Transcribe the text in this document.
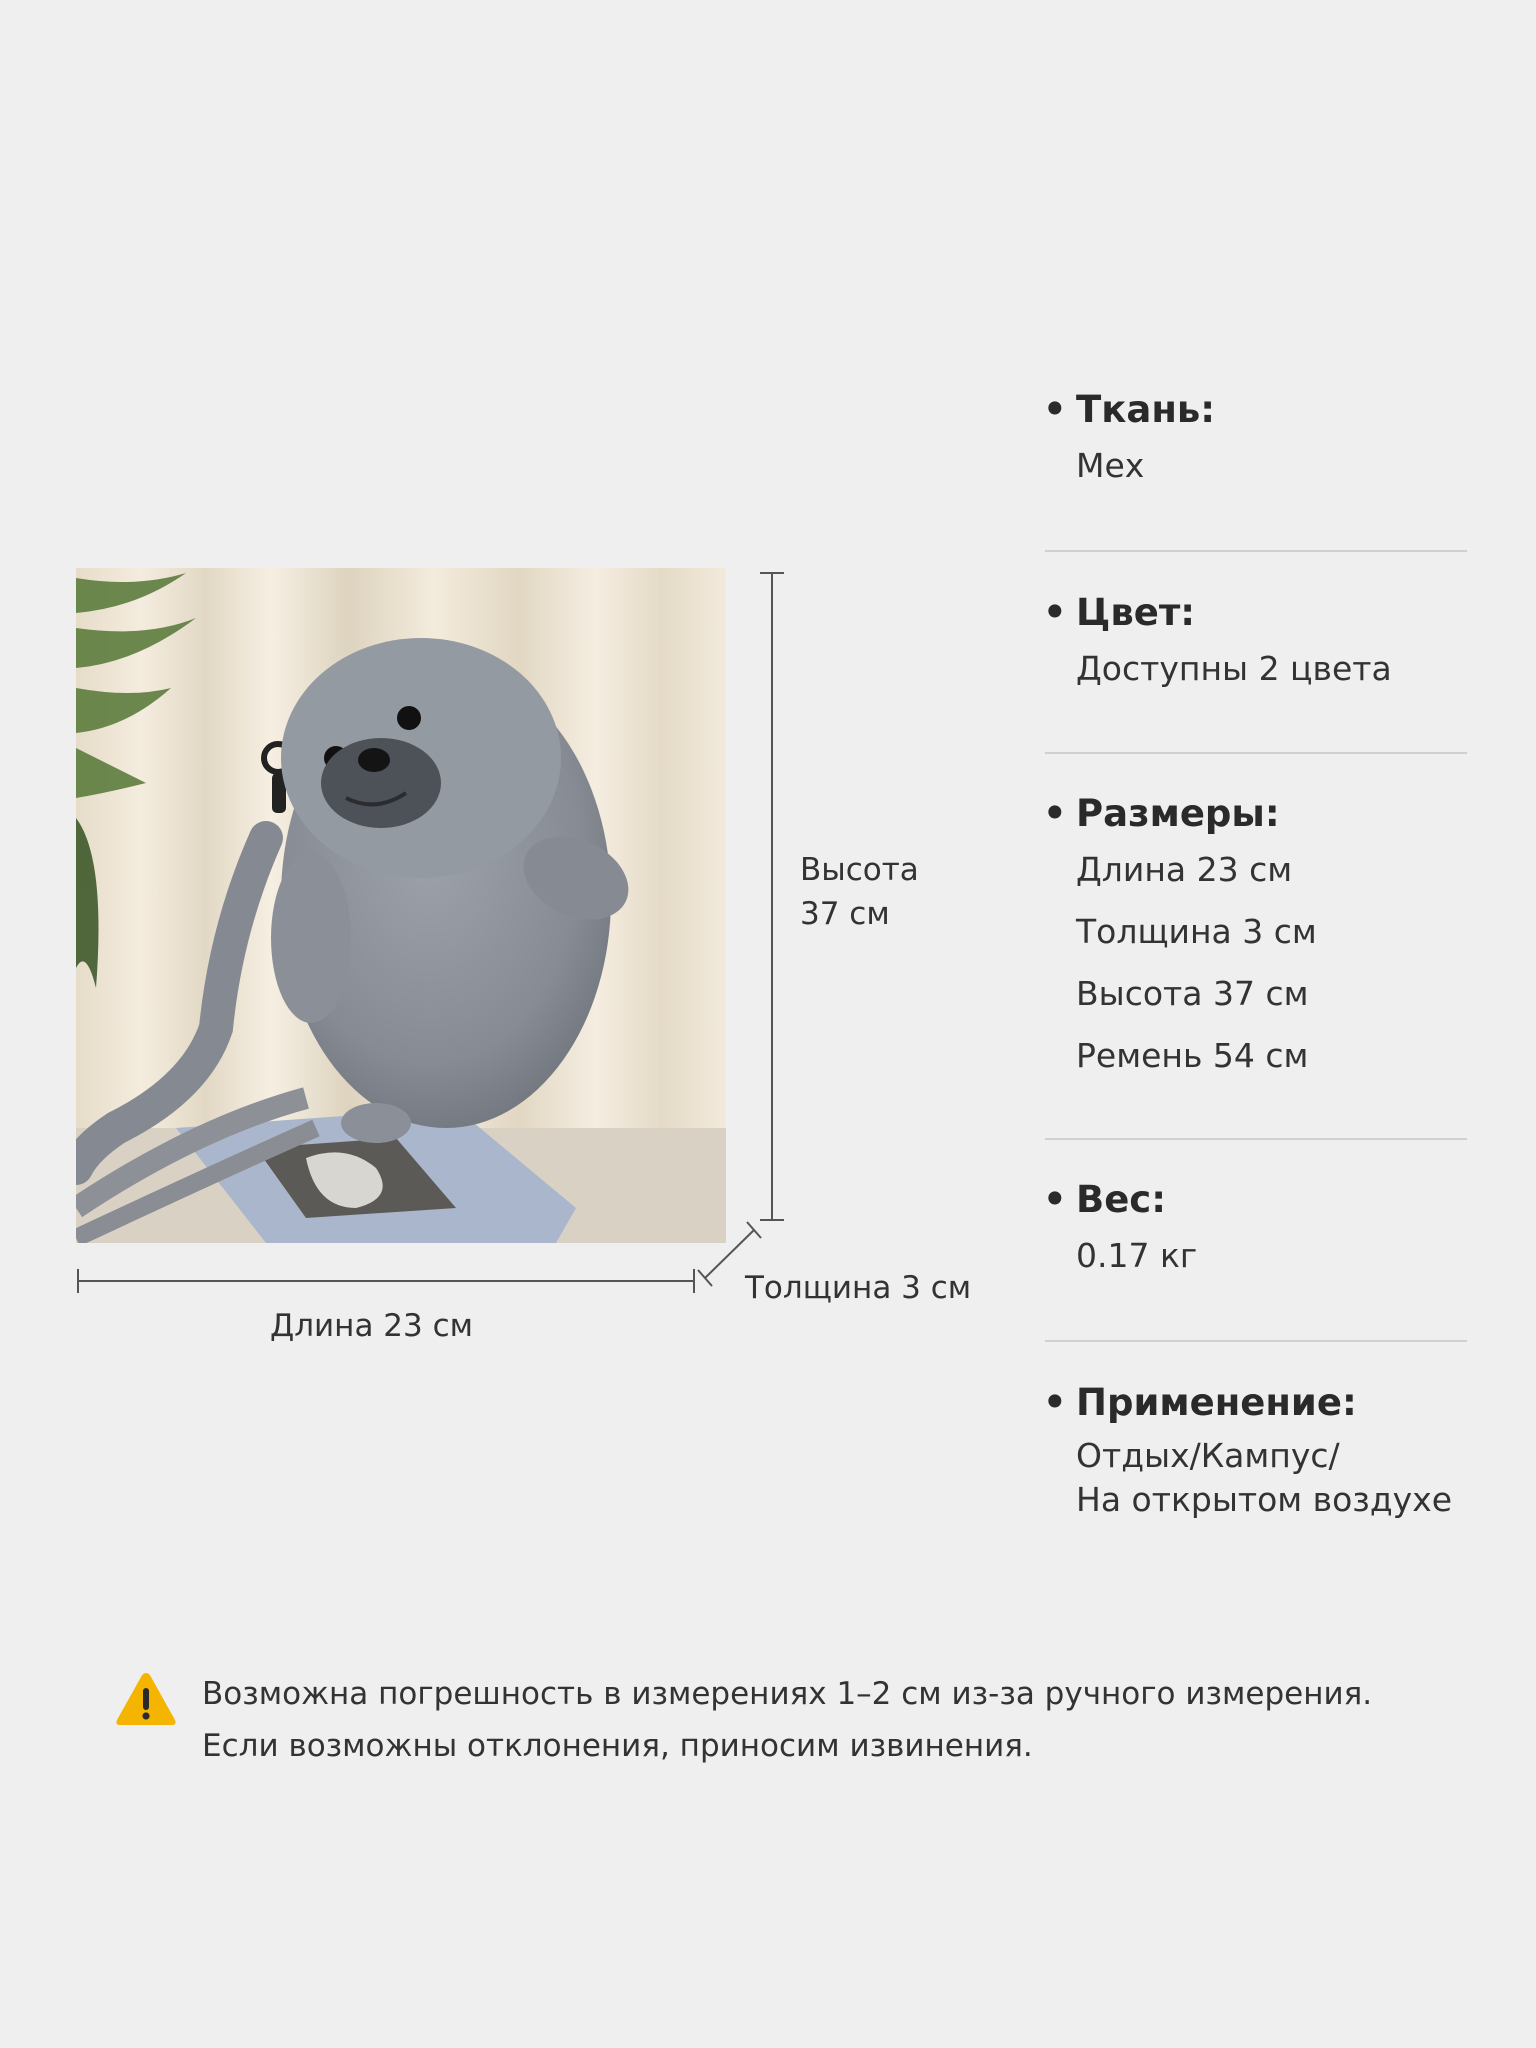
Высота
37 см
Толщина 3 см
Длина 23 см
• Ткань:
Мех
• Цвет:
Доступны 2 цвета
• Размеры:
Длина 23 см
Толщина 3 см
Высота 37 см
Ремень 54 см
• Вес:
0.17 кг
• Применение:
Отдых/Кампус/
На открытом воздухе
Возможна погрешность в измерениях 1–2 см из-за ручного измерения.
Если возможны отклонения, приносим извинения.
